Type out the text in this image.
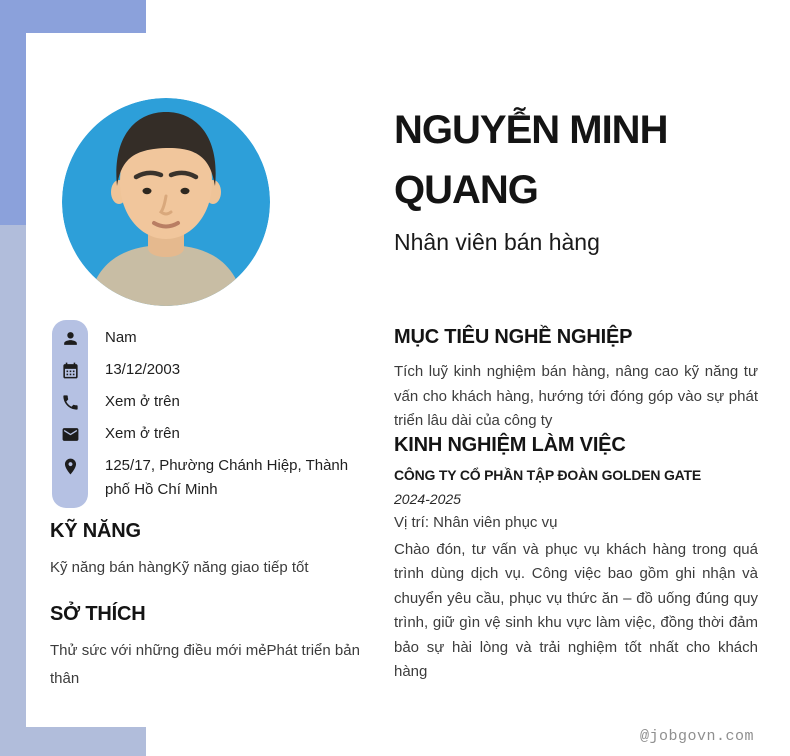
NGUYỄN MINH QUANG
Nhân viên bán hàng
Nam
13/12/2003
Xem ở trên
Xem ở trên
125/17, Phường Chánh Hiệp, Thành phố Hồ Chí Minh
KỸ NĂNG

Kỹ năng bán hàngKỹ năng giao tiếp tốt

SỞ THÍCH

Thử sức với những điều mới mẻPhát triển bản thân

MỤC TIÊU NGHỀ NGHIỆP

Tích luỹ kinh nghiệm bán hàng, nâng cao kỹ năng tư vấn cho khách hàng, hướng tới đóng góp vào sự phát triển lâu dài của công ty

KINH NGHIỆM LÀM VIỆC
CÔNG TY CỔ PHẦN TẬP ĐOÀN GOLDEN GATE
2024-2025
Vị trí: Nhân viên phục vụ

Chào đón, tư vấn và phục vụ khách hàng trong quá trình dùng dịch vụ. Công việc bao gồm ghi nhận và chuyển yêu cầu, phục vụ thức ăn – đồ uống đúng quy trình, giữ gìn vệ sinh khu vực làm việc, đồng thời đảm bảo sự hài lòng và trải nghiệm tốt nhất cho khách hàng

@jobgovn.com
